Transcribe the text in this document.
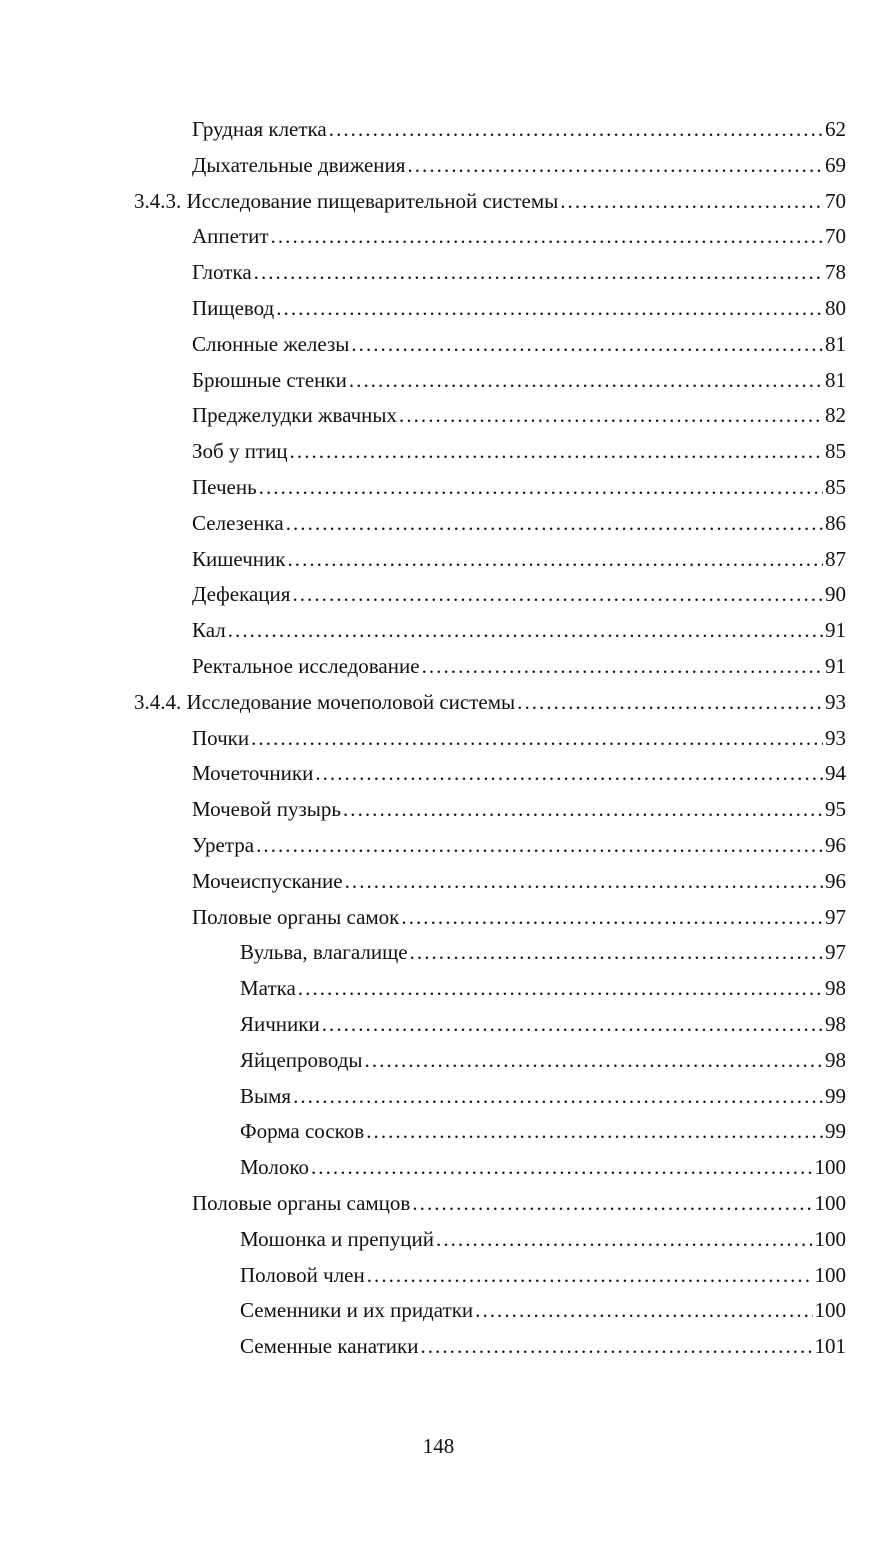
Грудная клетка . . .	62
Дыхательные движения . . .	69
3.4.3. Исследование пищеварительной системы . . .	70
Аппетит . . .	70
Глотка . . .	78
Пищевод . . .	80
Слюнные железы . . .	81
Брюшные стенки . . .	81
Преджелудки жвачных . . .	82
Зоб у птиц . . .	85
Печень . . .	85
Селезенка . . .	86
Кишечник . . .	87
Дефекация . . .	90
Кал . . .	91
Ректальное исследование . . .	91
3.4.4. Исследование мочеполовой системы . . .	93
Почки . . .	93
Мочеточники . . .	94
Мочевой пузырь . . .	95
Уретра . . .	96
Мочеиспускание . . .	96
Половые органы самок . . .	97
Вульва, влагалище . . .	97
Матка . . .	98
Яичники . . .	98
Яйцепроводы . . .	98
Вымя . . .	99
Форма сосков . . .	99
Молоко . . .	100
Половые органы самцов . . .	100
Мошонка и препуций . . .	100
Половой член . . .	100
Семенники и их придатки . . .	100
Семенные канатики . . .	101
148
